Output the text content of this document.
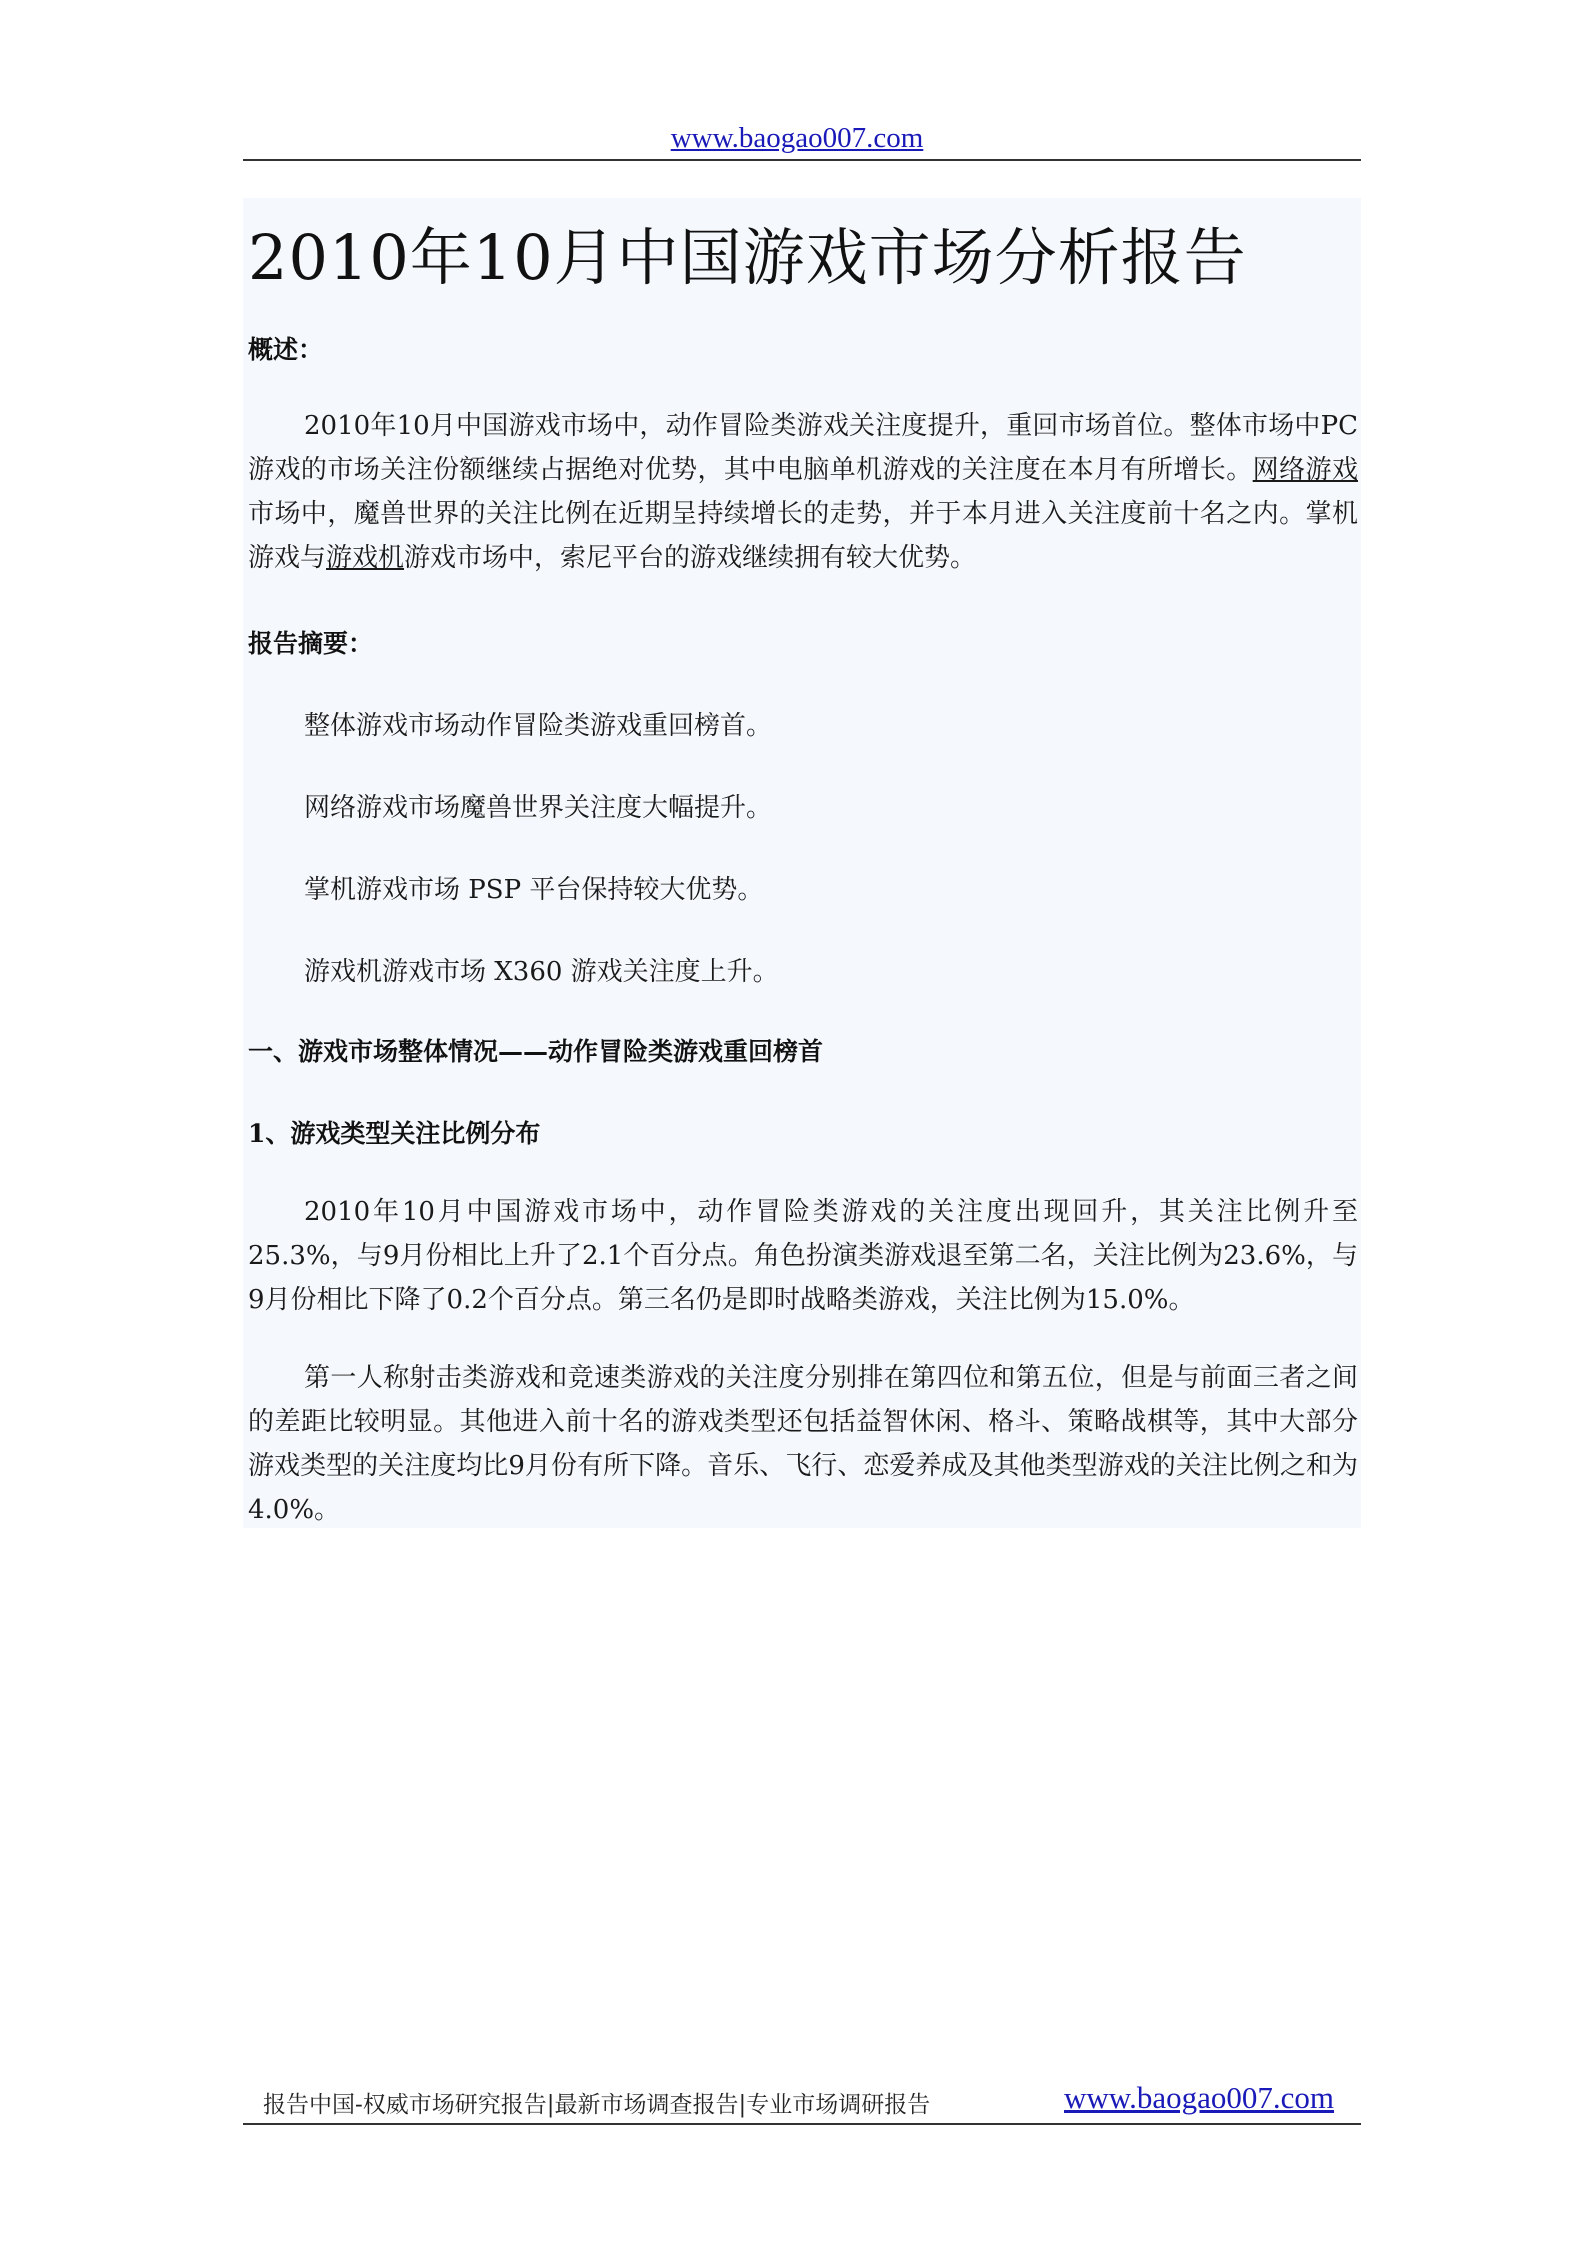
www.baogao007.com
2010年10月中国游戏市场分析报告

概述：

2010年10月中国游戏市场中，动作冒险类游戏关注度提升，重回市场首位。整体市场中PC游戏的市场关注份额继续占据绝对优势，其中电脑单机游戏的关注度在本月有所增长。网络游戏市场中，魔兽世界的关注比例在近期呈持续增长的走势，并于本月进入关注度前十名之内。掌机游戏与游戏机游戏市场中，索尼平台的游戏继续拥有较大优势。

报告摘要：

整体游戏市场动作冒险类游戏重回榜首。

网络游戏市场魔兽世界关注度大幅提升。

掌机游戏市场 PSP 平台保持较大优势。

游戏机游戏市场 X360 游戏关注度上升。

一、游戏市场整体情况——动作冒险类游戏重回榜首

1、游戏类型关注比例分布

2010年10月中国游戏市场中，动作冒险类游戏的关注度出现回升，其关注比例升至25.3%，与9月份相比上升了2.1个百分点。角色扮演类游戏退至第二名，关注比例为23.6%，与9月份相比下降了0.2个百分点。第三名仍是即时战略类游戏，关注比例为15.0%。

第一人称射击类游戏和竞速类游戏的关注度分别排在第四位和第五位，但是与前面三者之间的差距比较明显。其他进入前十名的游戏类型还包括益智休闲、格斗、策略战棋等，其中大部分游戏类型的关注度均比9月份有所下降。音乐、飞行、恋爱养成及其他类型游戏的关注比例之和为4.0%。

报告中国-权威市场研究报告|最新市场调查报告|专业市场调研报告	www.baogao007.com
